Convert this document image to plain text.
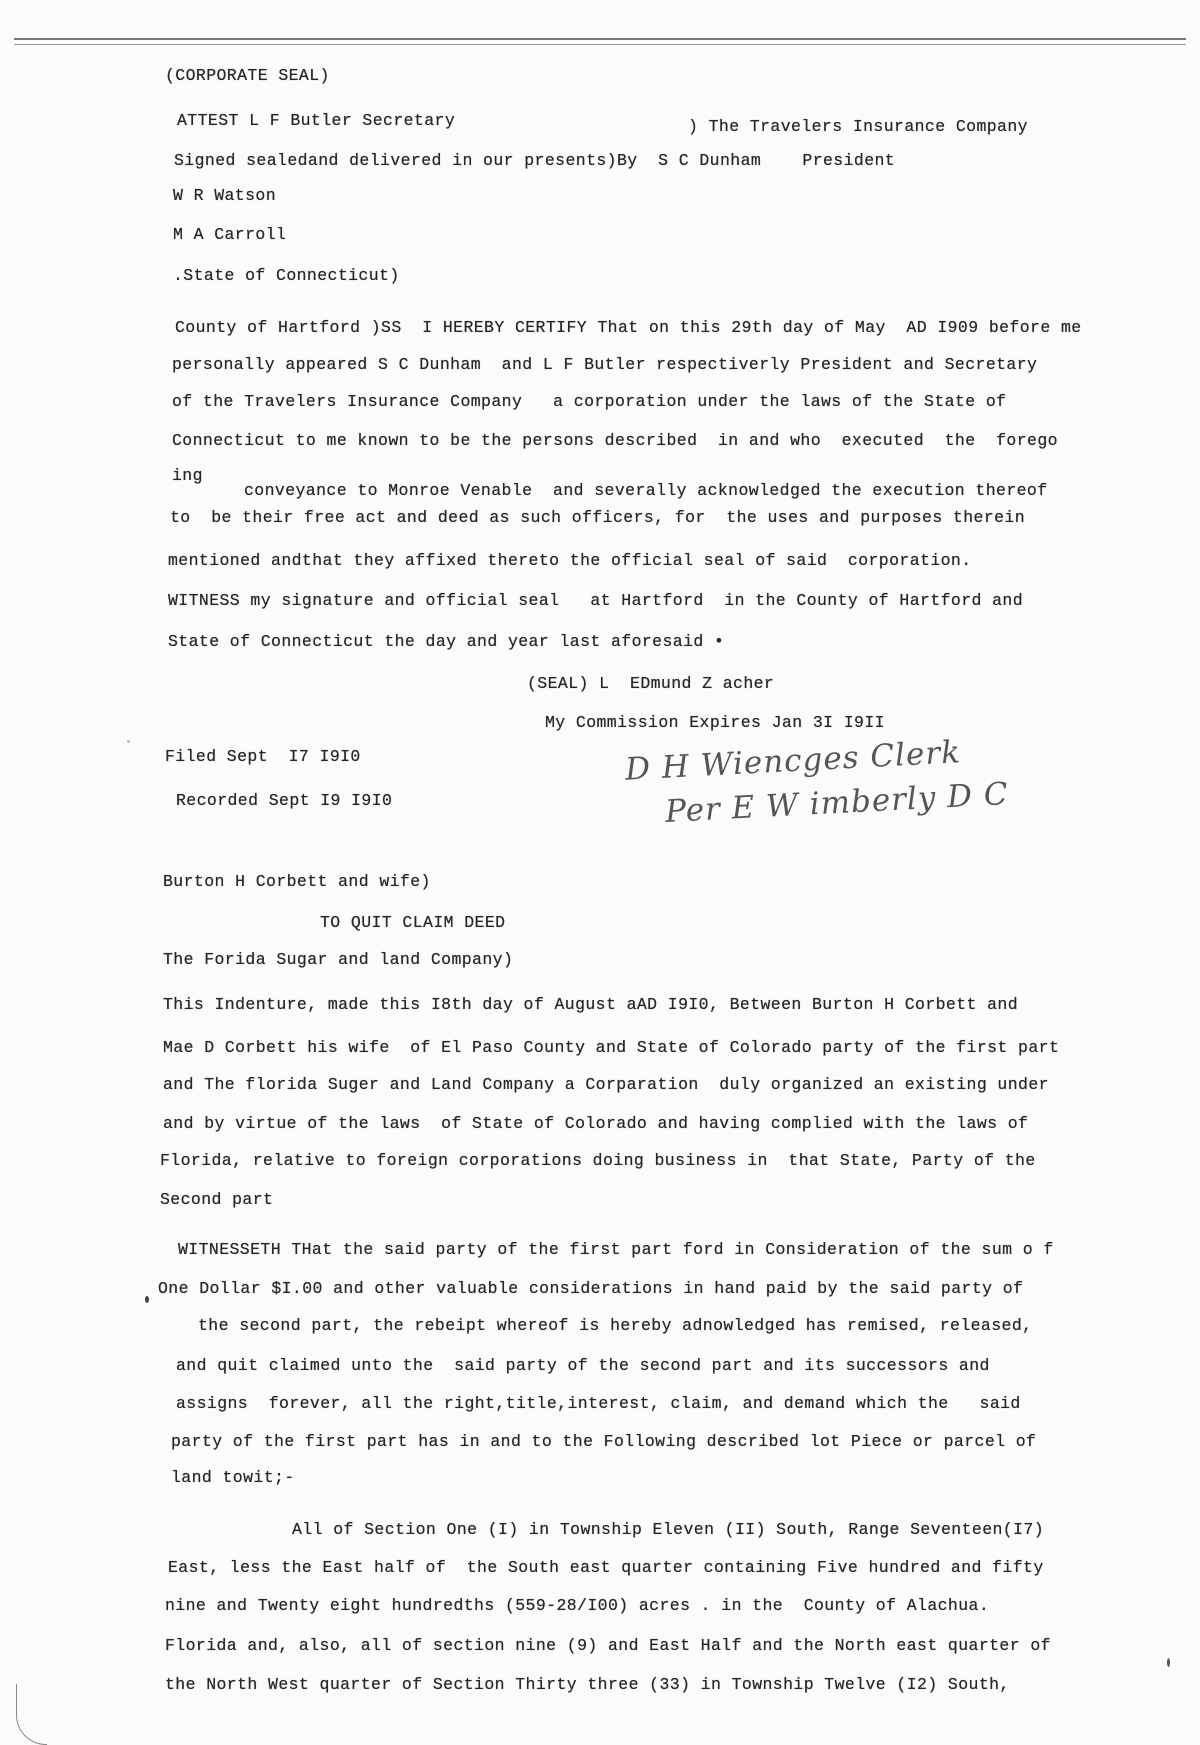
(CORPORATE SEAL)
ATTEST L F Butler Secretary	) The Travelers Insurance Company
Signed sealedand delivered in our presents)By  S C Dunham    President
W R Watson
M A Carroll
.State of Connecticut)
County of Hartford )SS  I HEREBY CERTIFY That on this 29th day of May  AD I909 before me
personally appeared S C Dunham  and L F Butler respectiverly President and Secretary
of the Travelers Insurance Company   a corporation under the laws of the State of
Connecticut to me known to be the persons described  in and who  executed  the  forego
ing
conveyance to Monroe Venable  and severally acknowledged the execution thereof
to  be their free act and deed as such officers, for  the uses and purposes therein
mentioned andthat they affixed thereto the official seal of said  corporation.
WITNESS my signature and official seal   at Hartford  in the County of Hartford and
State of Connecticut the day and year last aforesaid •
(SEAL) L  EDmund Z acher
My Commission Expires Jan 3I I9II
Filed Sept  I7 I9I0
Recorded Sept I9 I9I0
D H Wiencges Clerk
Per E W imberly D C
Burton H Corbett and wife)
TO QUIT CLAIM DEED
The Forida Sugar and land Company)
This Indenture, made this I8th day of August aAD I9I0, Between Burton H Corbett and
Mae D Corbett his wife  of El Paso County and State of Colorado party of the first part
and The florida Suger and Land Company a Corparation  duly organized an existing under
and by virtue of the laws  of State of Colorado and having complied with the laws of
Florida, relative to foreign corporations doing business in  that State, Party of the
Second part
WITNESSETH THat the said party of the first part ford in Consideration of the sum o f
One Dollar $I.00 and other valuable considerations in hand paid by the said party of
the second part, the rebeipt whereof is hereby adnowledged has remised, released,
and quit claimed unto the  said party of the second part and its successors and
assigns  forever, all the right,title,interest, claim, and demand which the   said
party of the first part has in and to the Following described lot Piece or parcel of
land towit;-
All of Section One (I) in Township Eleven (II) South, Range Seventeen(I7)
East, less the East half of  the South east quarter containing Five hundred and fifty
nine and Twenty eight hundredths (559-28/I00) acres . in the  County of Alachua.
Florida and, also, all of section nine (9) and East Half and the North east quarter of
the North West quarter of Section Thirty three (33) in Township Twelve (I2) South,
